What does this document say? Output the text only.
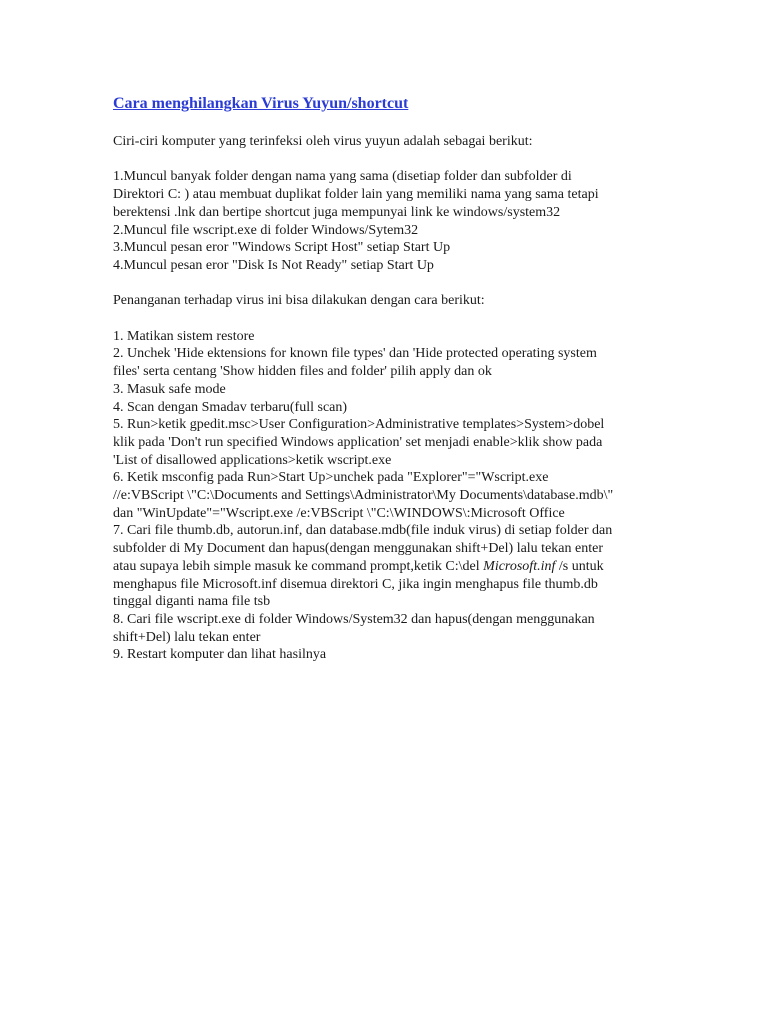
Cara menghilangkan Virus Yuyun/shortcut

Ciri-ciri komputer yang terinfeksi oleh virus yuyun adalah sebagai berikut:

1.Muncul banyak folder dengan nama yang sama (disetiap folder dan subfolder di
Direktori C: ) atau membuat duplikat folder lain yang memiliki nama yang sama tetapi
berektensi .lnk dan bertipe shortcut juga mempunyai link ke windows/system32
2.Muncul file wscript.exe di folder Windows/Sytem32
3.Muncul pesan eror "Windows Script Host" setiap Start Up
4.Muncul pesan eror "Disk Is Not Ready" setiap Start Up

Penanganan terhadap virus ini bisa dilakukan dengan cara berikut:

1. Matikan sistem restore
2. Unchek 'Hide ektensions for known file types' dan 'Hide protected operating system
files' serta centang 'Show hidden files and folder' pilih apply dan ok
3. Masuk safe mode
4. Scan dengan Smadav terbaru(full scan)
5. Run>ketik gpedit.msc>User Configuration>Administrative templates>System>dobel
klik pada 'Don't run specified Windows application' set menjadi enable>klik show pada
'List of disallowed applications>ketik wscript.exe
6. Ketik msconfig pada Run>Start Up>unchek pada "Explorer"="Wscript.exe
//e:VBScript \"C:\Documents and Settings\Administrator\My Documents\database.mdb\"
dan "WinUpdate"="Wscript.exe /e:VBScript \"C:\WINDOWS\:Microsoft Office
7. Cari file thumb.db, autorun.inf, dan database.mdb(file induk virus) di setiap folder dan
subfolder di My Document dan hapus(dengan menggunakan shift+Del) lalu tekan enter
atau supaya lebih simple masuk ke command prompt,ketik C:\del Microsoft.inf /s untuk
menghapus file Microsoft.inf disemua direktori C, jika ingin menghapus file thumb.db
tinggal diganti nama file tsb
8. Cari file wscript.exe di folder Windows/System32 dan hapus(dengan menggunakan
shift+Del) lalu tekan enter
9. Restart komputer dan lihat hasilnya
